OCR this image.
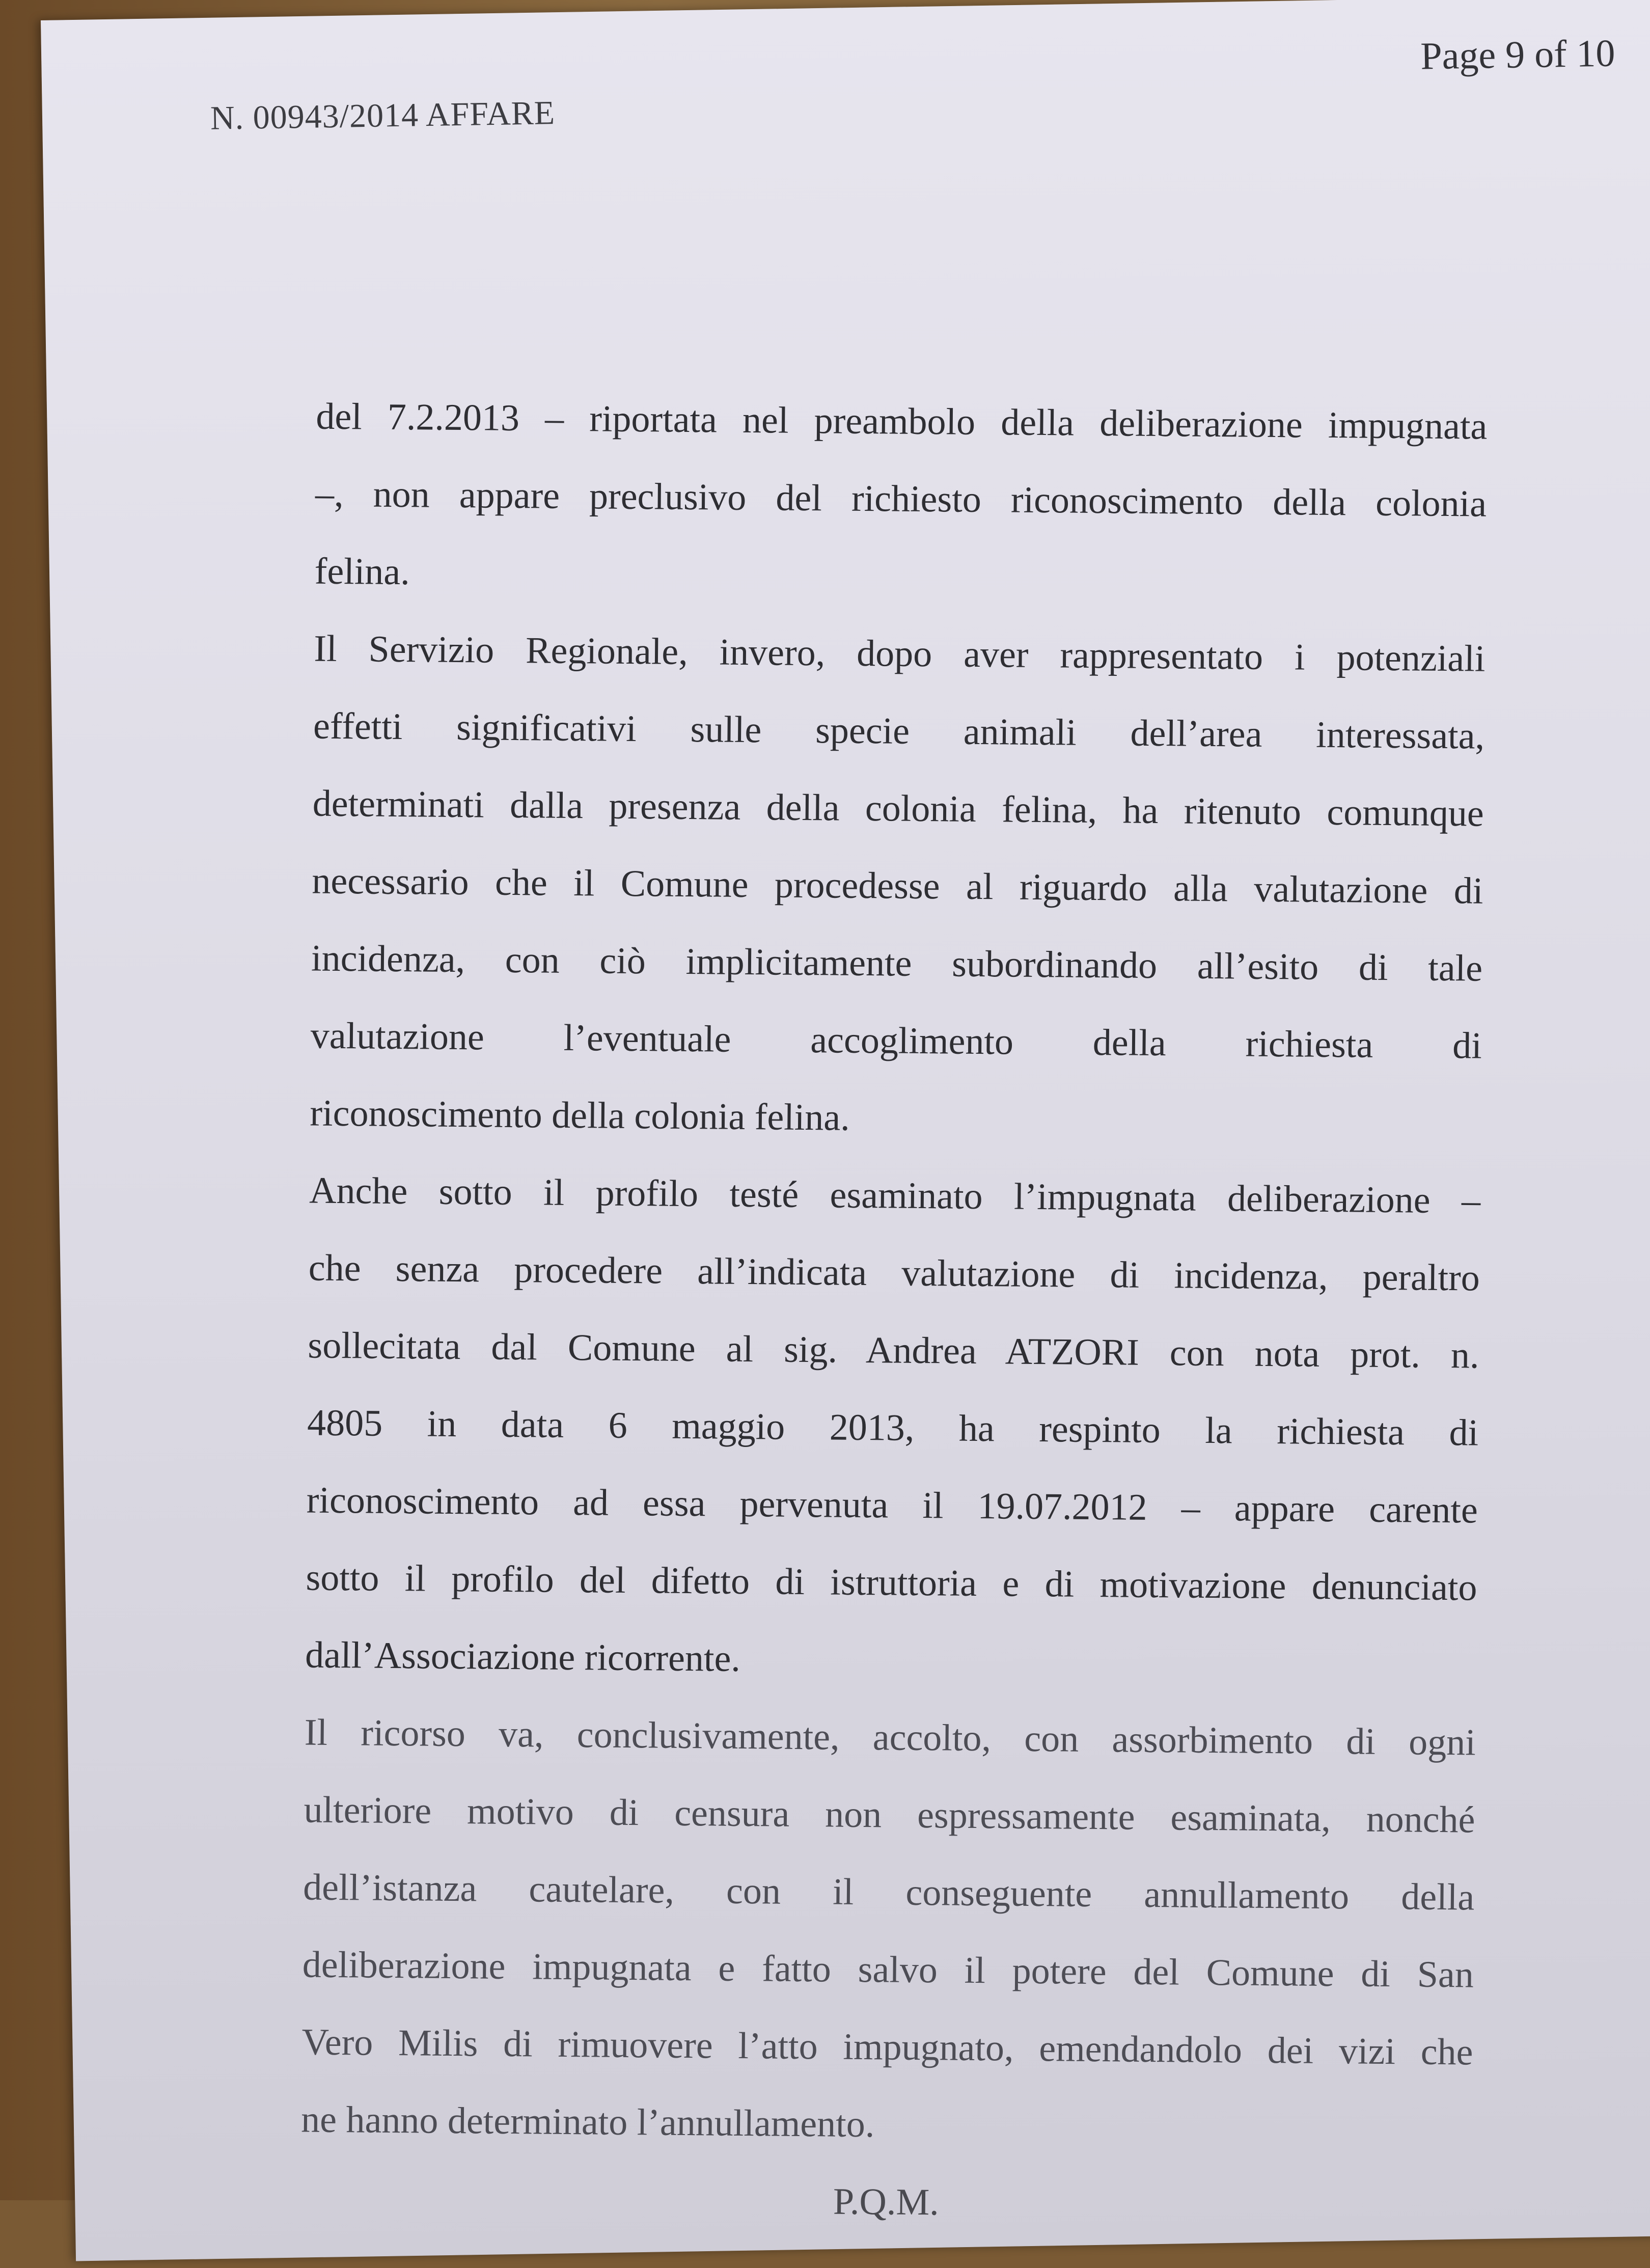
Page 9 of 10
N. 00943/2014 AFFARE
del 7.2.2013 – riportata nel preambolo della deliberazione impugnata
–, non appare preclusivo del richiesto riconoscimento della colonia
felina.
Il Servizio Regionale, invero, dopo aver rappresentato i potenziali
effetti significativi sulle specie animali dell’area interessata,
determinati dalla presenza della colonia felina, ha ritenuto comunque
necessario che il Comune procedesse al riguardo alla valutazione di
incidenza, con ciò implicitamente subordinando all’esito di tale
valutazione l’eventuale accoglimento della richiesta di
riconoscimento della colonia felina.
Anche sotto il profilo testé esaminato l’impugnata deliberazione –
che senza procedere all’indicata valutazione di incidenza, peraltro
sollecitata dal Comune al sig. Andrea ATZORI con nota prot. n.
4805 in data 6 maggio 2013, ha respinto la richiesta di
riconoscimento ad essa pervenuta il 19.07.2012 – appare carente
sotto il profilo del difetto di istruttoria e di motivazione denunciato
dall’Associazione ricorrente.
Il ricorso va, conclusivamente, accolto, con assorbimento di ogni
ulteriore motivo di censura non espressamente esaminata, nonché
dell’istanza cautelare, con il conseguente annullamento della
deliberazione impugnata e fatto salvo il potere del Comune di San
Vero Milis di rimuovere l’atto impugnato, emendandolo dei vizi che
ne hanno determinato l’annullamento.
P.Q.M.
